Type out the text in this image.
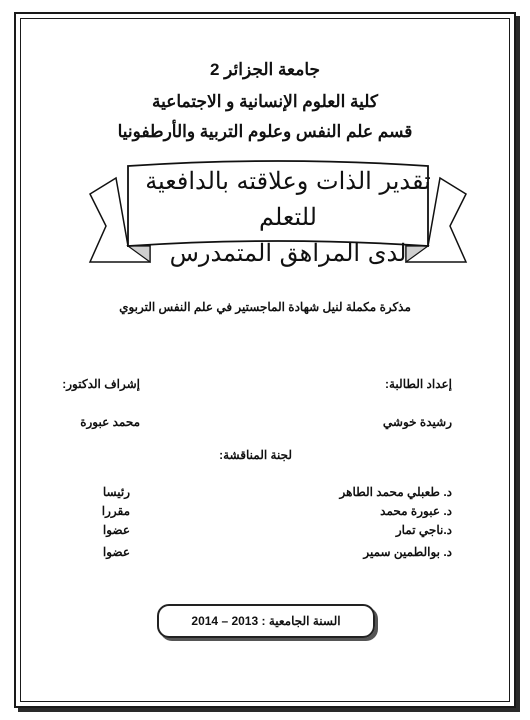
جامعة الجزائر 2
كلية العلوم الإنسانية و الاجتماعية
قسم علم النفس وعلوم التربية والأرطفونيا
تقدير الذات وعلاقته بالدافعية للتعلم
لدى المراهق المتمدرس
مذكرة مكملة لنيل شهادة الماجستير في علم النفس التربوي
إعداد الطالبة:
إشراف الدكتور:
رشيدة خوشي
محمد عبورة
لجنة المناقشة:
د. طعبلي محمد الطاهر
رئيسا
د. عبورة محمد
مقررا
د.ناجي تمار
عضوا
د. بوالطمين سمير
عضوا
السنة الجامعية : 2013 – 2014
